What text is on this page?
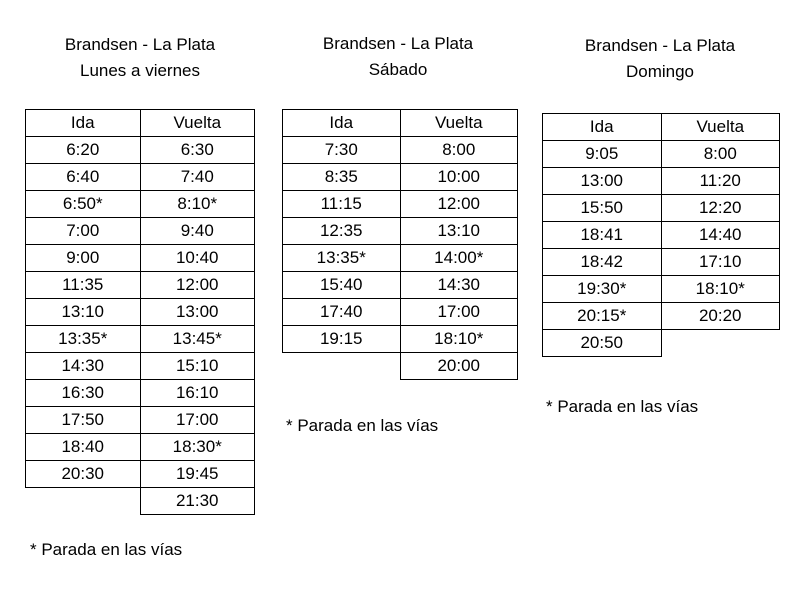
Brandsen - La Plata
Lunes a viernes
Ida	Vuelta
6:20	6:30
6:40	7:40
6:50*	8:10*
7:00	9:40
9:00	10:40
11:35	12:00
13:10	13:00
13:35*	13:45*
14:30	15:10
16:30	16:10
17:50	17:00
18:40	18:30*
20:30	19:45
	21:30
* Parada en las vías
Brandsen - La Plata
Sábado
Ida	Vuelta
7:30	8:00
8:35	10:00
11:15	12:00
12:35	13:10
13:35*	14:00*
15:40	14:30
17:40	17:00
19:15	18:10*
	20:00
* Parada en las vías
Brandsen - La Plata
Domingo
Ida	Vuelta
9:05	8:00
13:00	11:20
15:50	12:20
18:41	14:40
18:42	17:10
19:30*	18:10*
20:15*	20:20
20:50	
* Parada en las vías
